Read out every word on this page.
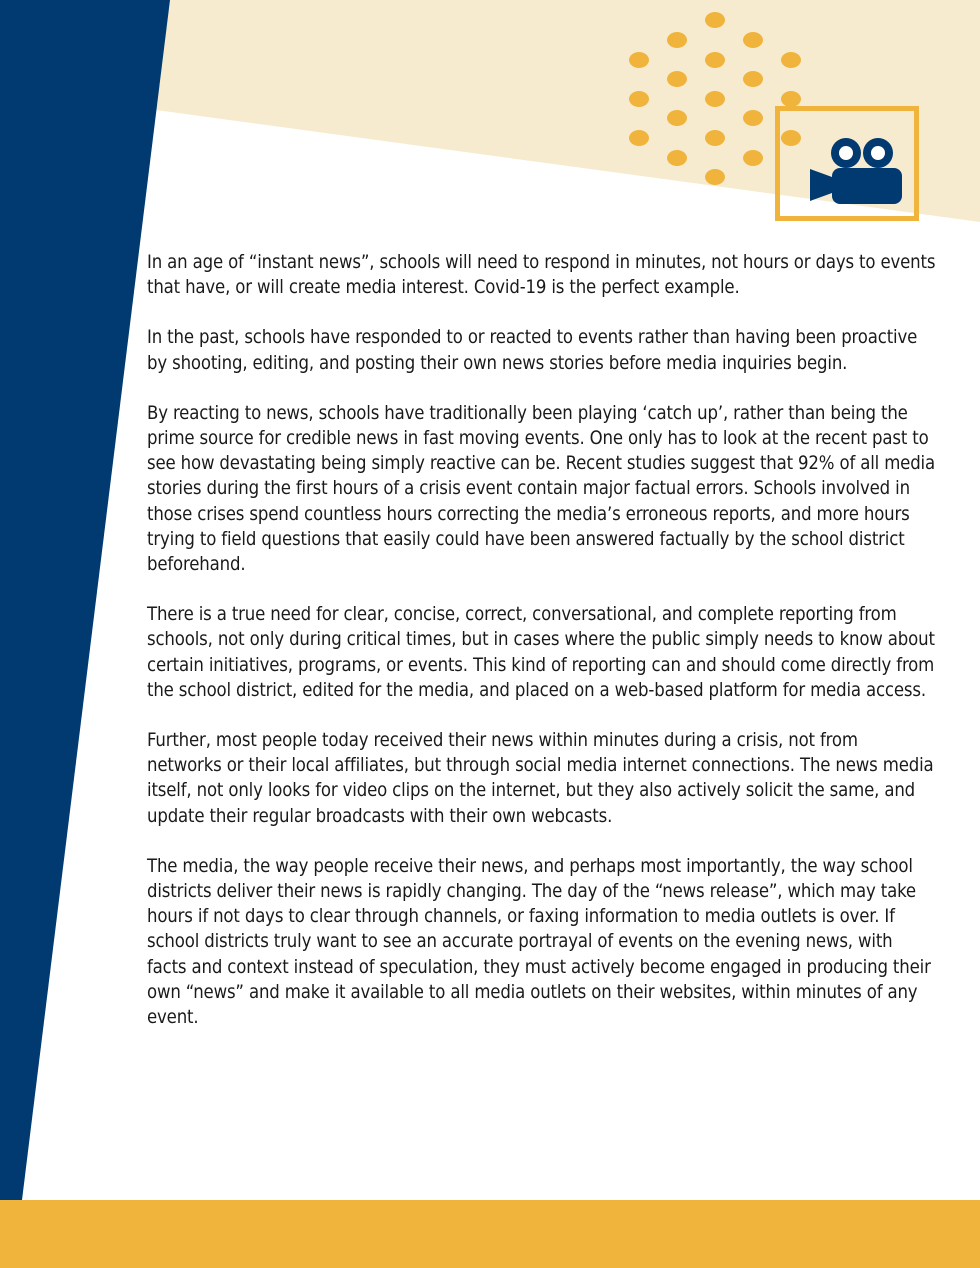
In an age of “instant news”, schools will need to respond in minutes, not hours or days to events that have, or will create media interest. Covid-19 is the perfect example.

In the past, schools have responded to or reacted to events rather than having been proactive by shooting, editing, and posting their own news stories before media inquiries begin.

By reacting to news, schools have traditionally been playing ‘catch up’, rather than being the prime source for credible news in fast moving events. One only has to look at the recent past to see how devastating being simply reactive can be. Recent studies suggest that 92% of all media stories during the first hours of a crisis event contain major factual errors. Schools involved in those crises spend countless hours correcting the media’s erroneous reports, and more hours trying to field questions that easily could have been answered factually by the school district beforehand.

There is a true need for clear, concise, correct, conversational, and complete reporting from schools, not only during critical times, but in cases where the public simply needs to know about certain initiatives, programs, or events. This kind of reporting can and should come directly from the school district, edited for the media, and placed on a web-based platform for media access.

Further, most people today received their news within minutes during a crisis, not from networks or their local affiliates, but through social media internet connections. The news media itself, not only looks for video clips on the internet, but they also actively solicit the same, and update their regular broadcasts with their own webcasts.

The media, the way people receive their news, and perhaps most importantly, the way school districts deliver their news is rapidly changing. The day of the “news release”, which may take hours if not days to clear through channels, or faxing information to media outlets is over. If school districts truly want to see an accurate portrayal of events on the evening news, with facts and context instead of speculation, they must actively become engaged in producing their own “news” and make it available to all media outlets on their websites, within minutes of any event.
